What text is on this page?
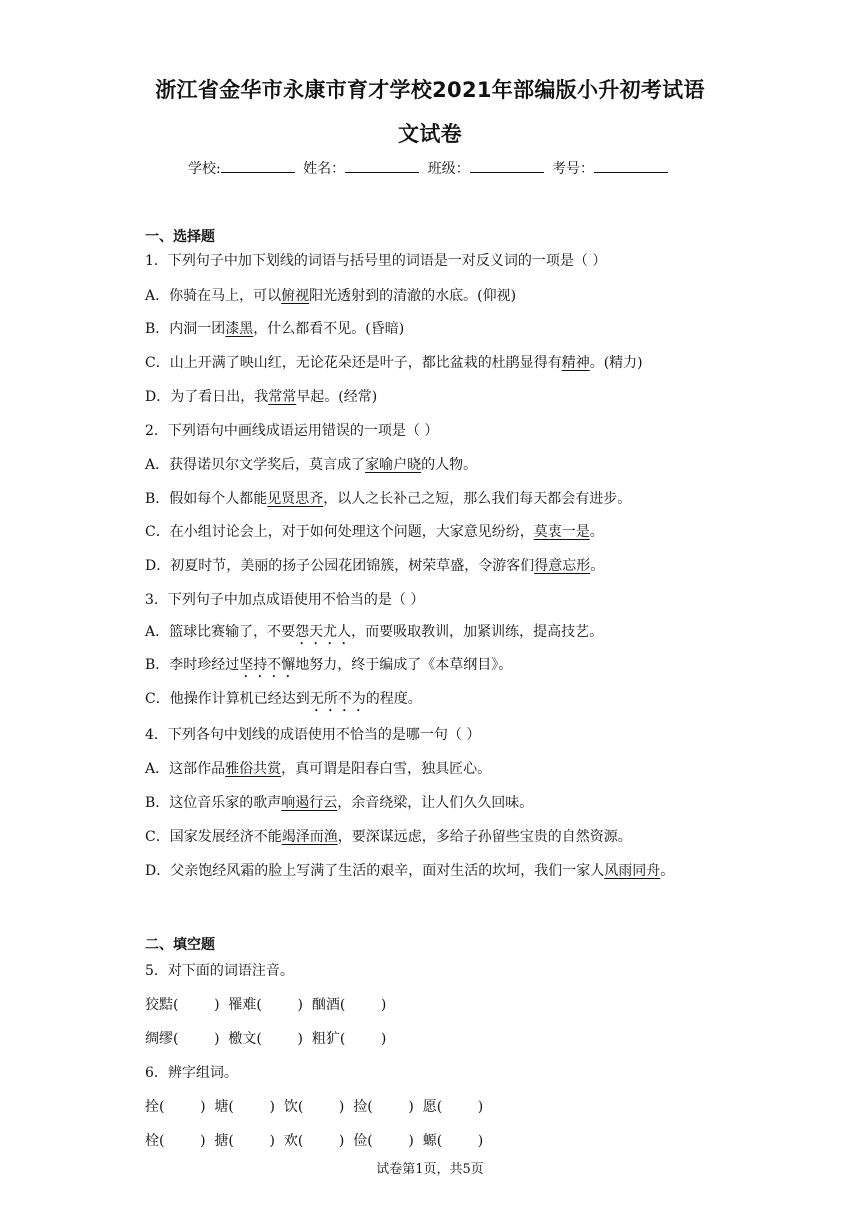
浙江省金华市永康市育才学校2021年部编版小升初考试语
文试卷
学校:	姓名：	班级：	考号：
一、选择题
1．下列句子中加下划线的词语与括号里的词语是一对反义词的一项是（ ）
A．你骑在马上，可以俯视阳光透射到的清澈的水底。(仰视)
B．内洞一团漆黑，什么都看不见。(昏暗)
C．山上开满了映山红，无论花朵还是叶子，都比盆栽的杜鹃显得有精神。(精力)
D．为了看日出，我常常早起。(经常)
2．下列语句中画线成语运用错误的一项是（ ）
A．获得诺贝尔文学奖后，莫言成了家喻户晓的人物。
B．假如每个人都能见贤思齐，以人之长补己之短，那么我们每天都会有进步。
C．在小组讨论会上，对于如何处理这个问题，大家意见纷纷，莫衷一是。
D．初夏时节，美丽的扬子公园花团锦簇，树荣草盛，令游客们得意忘形。
3．下列句子中加点成语使用不恰当的是（ ）
A．篮球比赛输了，不要怨天尤人，而要吸取教训，加紧训练，提高技艺。
B．李时珍经过坚持不懈地努力，终于编成了《本草纲目》。
C．他操作计算机已经达到无所不为的程度。
4．下列各句中划线的成语使用不恰当的是哪一句（ ）
A．这部作品雅俗共赏，真可谓是阳春白雪，独具匠心。
B．这位音乐家的歌声响遏行云，余音绕梁，让人们久久回味。
C．国家发展经济不能竭泽而渔，要深谋远虑，多给子孙留些宝贵的自然资源。
D．父亲饱经风霜的脸上写满了生活的艰辛，面对生活的坎坷，我们一家人风雨同舟。
二、填空题
5．对下面的词语注音。
狡黠(        )  罹难(        )  酗酒(        )
绸缪(        )  檄文(        )  粗犷(        )
6．辨字组词。
拴(        )  塘(        )  饮(        )  捡(        )  愿(        )
栓(        )  搪(        )  欢(        )  俭(        )  螈(        )
试卷第1页，共5页
